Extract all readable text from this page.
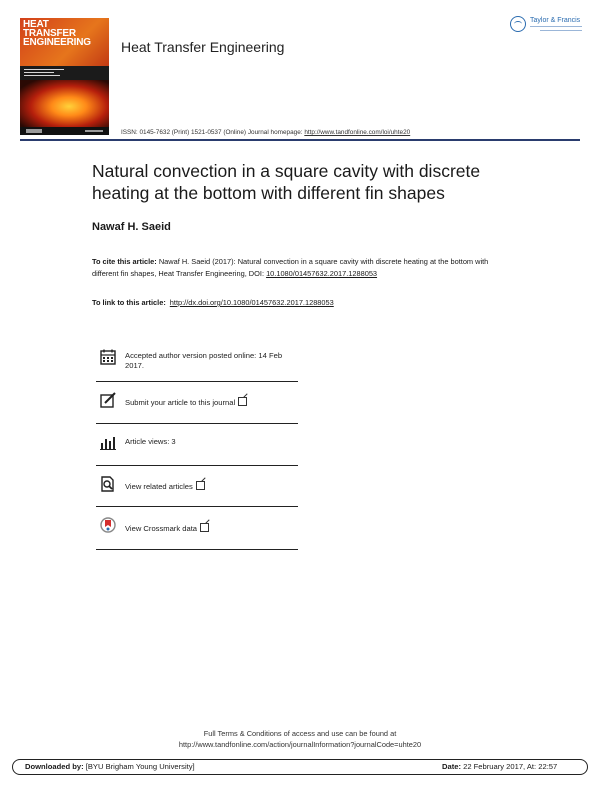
HEAT
TRANSFER
ENGINEERING Heat Transfer Engineering
Taylor & Francis
ISSN: 0145-7632 (Print) 1521-0537 (Online) Journal homepage: http://www.tandfonline.com/loi/uhte20
Natural convection in a square cavity with discrete heating at the bottom with different fin shapes
Nawaf H. Saeid
To cite this article: Nawaf H. Saeid (2017): Natural convection in a square cavity with discrete heating at the bottom with different fin shapes, Heat Transfer Engineering, DOI: 10.1080/01457632.2017.1288053
To link to this article: http://dx.doi.org/10.1080/01457632.2017.1288053
Accepted author version posted online: 14 Feb 2017.
Submit your article to this journal
Article views: 3
View related articles
View Crossmark data
Full Terms & Conditions of access and use can be found at
http://www.tandfonline.com/action/journalInformation?journalCode=uhte20
Downloaded by: [BYU Brigham Young University]	Date: 22 February 2017, At: 22:57
